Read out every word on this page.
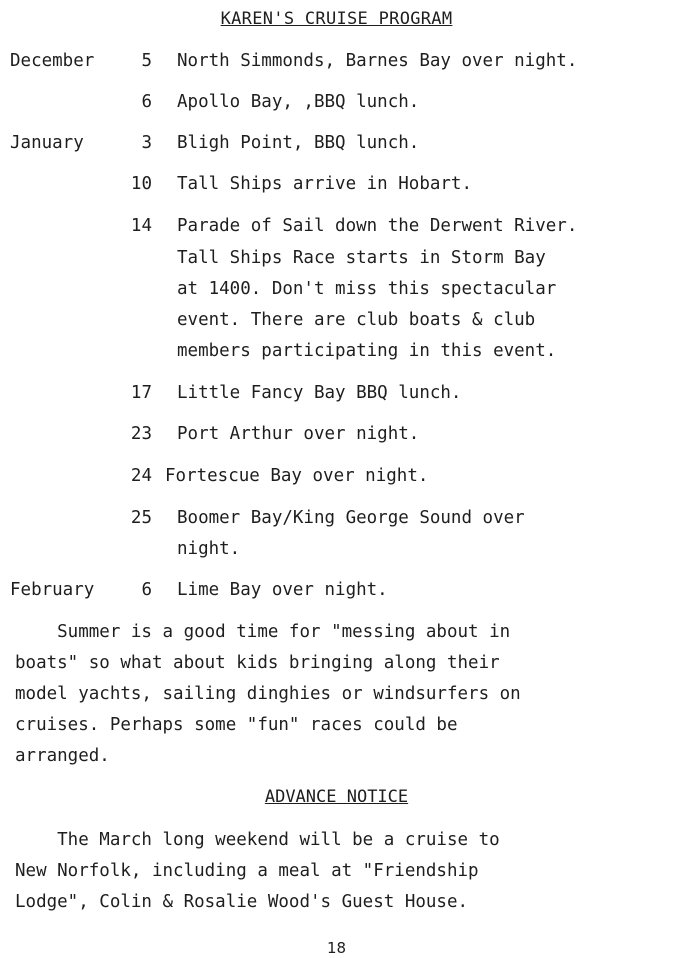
KAREN'S CRUISE PROGRAM
December	5 North Simmonds, Barnes Bay over night.
6 Apollo Bay, ,BBQ lunch.
January	3 Bligh Point, BBQ lunch.
10 Tall Ships arrive in Hobart.
14 Parade of Sail down the Derwent River.
Tall Ships Race starts in Storm Bay
at 1400. Don't miss this spectacular
event. There are club boats & club
members participating in this event.
17 Little Fancy Bay BBQ lunch.
23 Port Arthur over night.
24 Fortescue Bay over night.
25 Boomer Bay/King George Sound over
night.
February	6 Lime Bay over night.
Summer is a good time for "messing about in
boats" so what about kids bringing along their
model yachts, sailing dinghies or windsurfers on
cruises. Perhaps some "fun" races could be
arranged.
ADVANCE NOTICE
The March long weekend will be a cruise to
New Norfolk, including a meal at "Friendship
Lodge", Colin & Rosalie Wood's Guest House.
18
